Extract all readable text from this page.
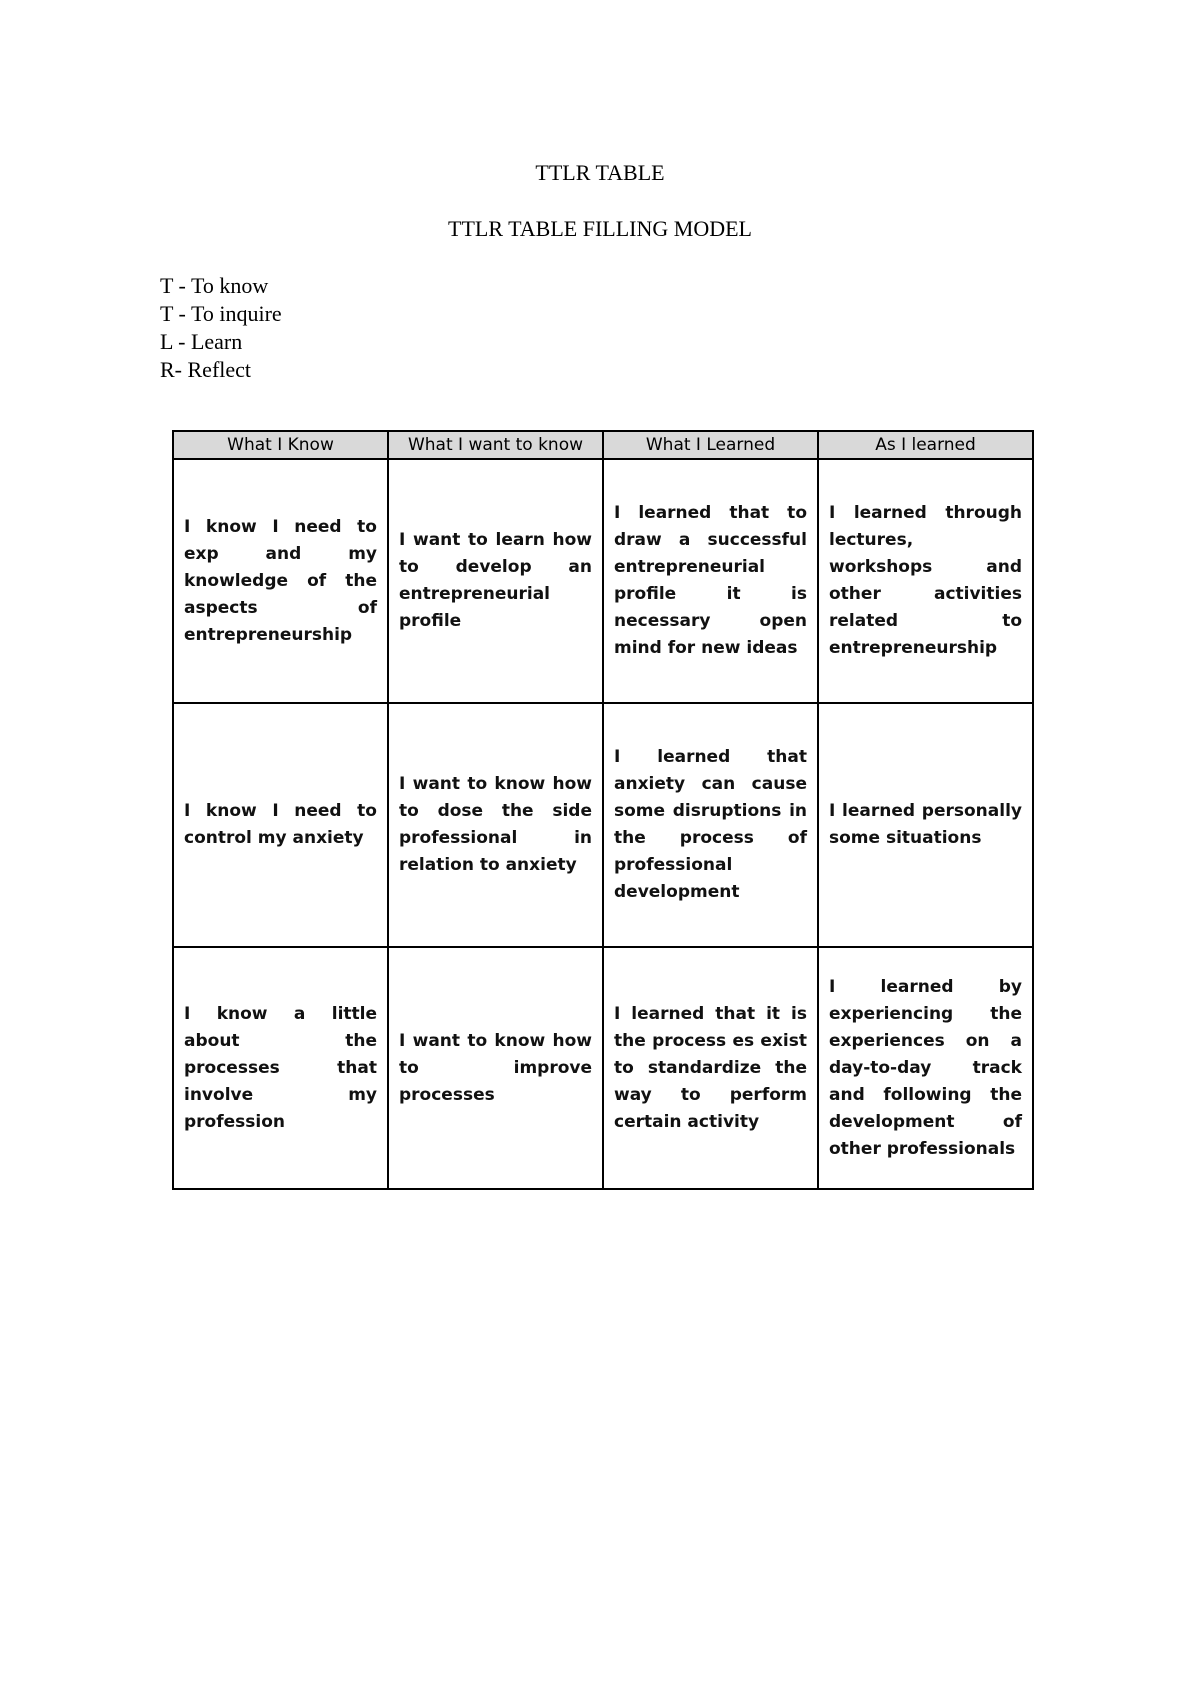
TTLR TABLE
TTLR TABLE FILLING MODEL
T - To know
T - To inquire
L - Learn
R- Reflect
What I Know	What I want to know	What I Learned	As I learned

I know I need to exp and my knowledge of the aspects of entrepreneurship	I want to learn how to develop an entrepreneurial profile	I learned that to draw a successful entrepreneurial profile it is necessary open mind for new ideas	I learned through lectures, workshops and other activities related to entrepreneurship

I know I need to control my anxiety	I want to know how to dose the side professional in relation to anxiety	I learned that anxiety can cause some disruptions in the process of professional development	I learned personally some situations

I know a little about the processes that involve my profession	I want to know how to improve processes	I learned that it is the process es exist to standardize the way to perform certain activity	I learned by experiencing the experiences on a day-to-day track and following the development of other professionals
